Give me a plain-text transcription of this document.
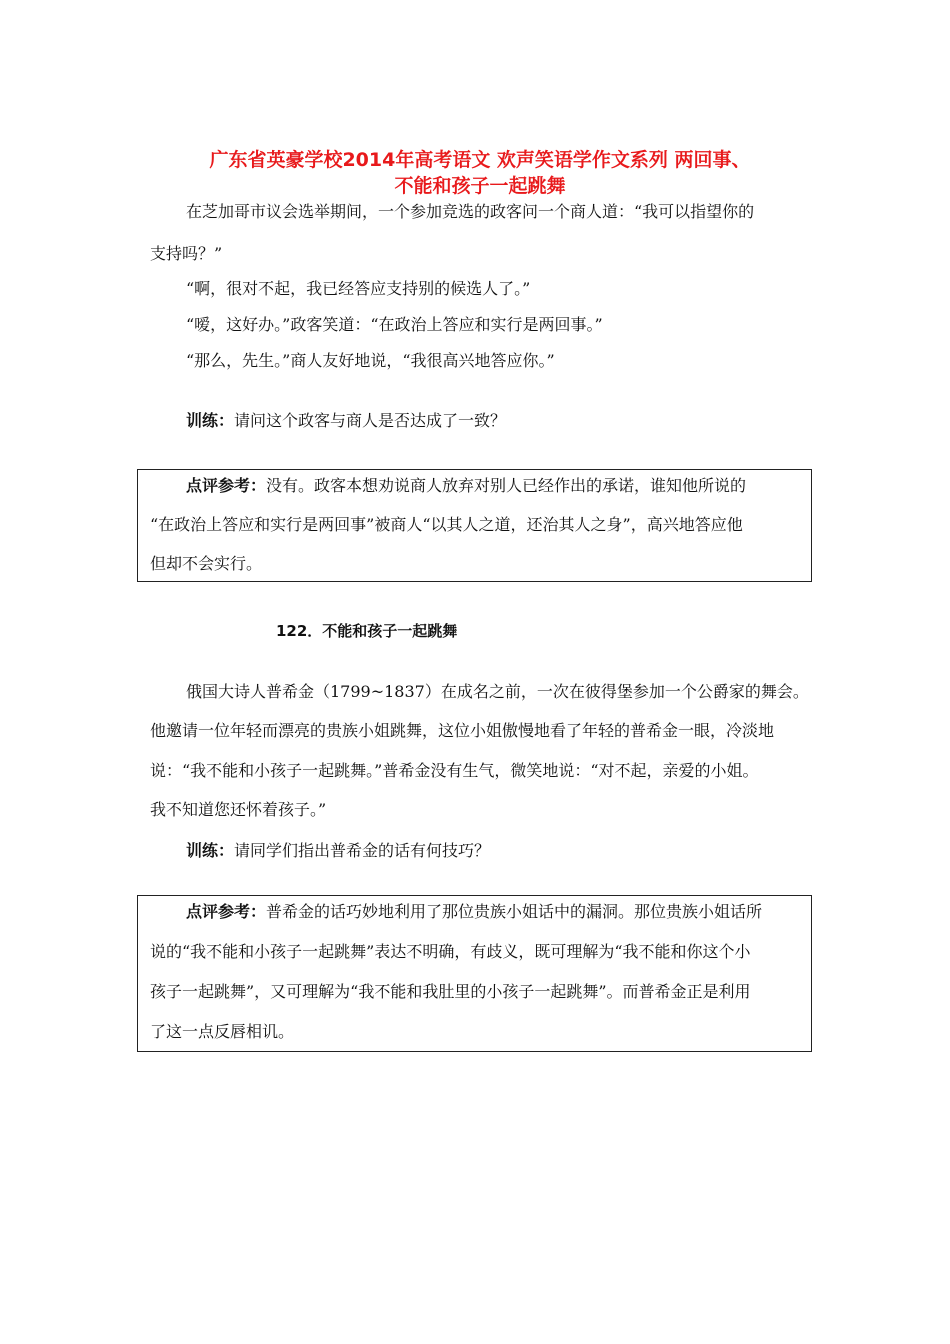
广东省英豪学校2014年高考语文 欢声笑语学作文系列 两回事、
不能和孩子一起跳舞
在芝加哥市议会选举期间，一个参加竞选的政客问一个商人道：“我可以指望你的
支持吗？”
“啊，很对不起，我已经答应支持别的候选人了。”
“嗳，这好办。”政客笑道：“在政治上答应和实行是两回事。”
“那么，先生。”商人友好地说，“我很高兴地答应你。”
训练：请问这个政客与商人是否达成了一致？
点评参考：没有。政客本想劝说商人放弃对别人已经作出的承诺，谁知他所说的
“在政治上答应和实行是两回事”被商人“以其人之道，还治其人之身”，高兴地答应他
但却不会实行。
122．不能和孩子一起跳舞
俄国大诗人普希金（1799~1837）在成名之前，一次在彼得堡参加一个公爵家的舞会。
他邀请一位年轻而漂亮的贵族小姐跳舞，这位小姐傲慢地看了年轻的普希金一眼，冷淡地
说：“我不能和小孩子一起跳舞。”普希金没有生气，微笑地说：“对不起，亲爱的小姐。
我不知道您还怀着孩子。”
训练：请同学们指出普希金的话有何技巧？
点评参考：普希金的话巧妙地利用了那位贵族小姐话中的漏洞。那位贵族小姐话所
说的“我不能和小孩子一起跳舞”表达不明确，有歧义，既可理解为“我不能和你这个小
孩子一起跳舞”，又可理解为“我不能和我肚里的小孩子一起跳舞”。而普希金正是利用
了这一点反唇相讥。
